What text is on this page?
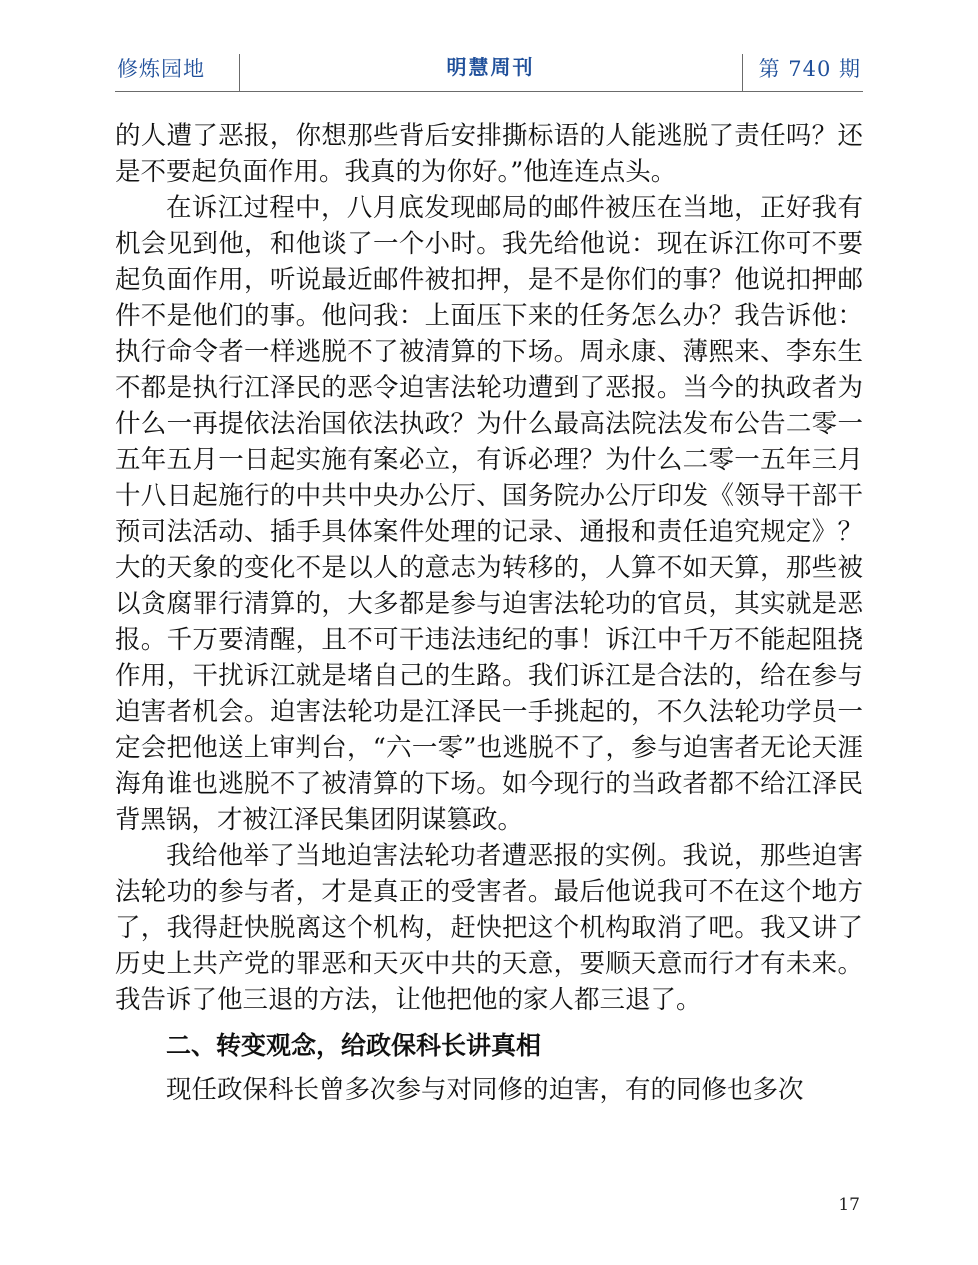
修炼园地	明慧周刊	第 740 期

的人遭了恶报，你想那些背后安排撕标语的人能逃脱了责任吗？还是不要起负面作用。我真的为你好。”他连连点头。

在诉江过程中，八月底发现邮局的邮件被压在当地，正好我有机会见到他，和他谈了一个小时。我先给他说：现在诉江你可不要起负面作用，听说最近邮件被扣押，是不是你们的事？他说扣押邮件不是他们的事。他问我：上面压下来的任务怎么办？我告诉他：执行命令者一样逃脱不了被清算的下场。周永康、薄熙来、李东生不都是执行江泽民的恶令迫害法轮功遭到了恶报。当今的执政者为什么一再提依法治国依法执政？为什么最高法院法发布公告二零一五年五月一日起实施有案必立，有诉必理？为什么二零一五年三月十八日起施行的中共中央办公厅、国务院办公厅印发《领导干部干预司法活动、插手具体案件处理的记录、通报和责任追究规定》？大的天象的变化不是以人的意志为转移的，人算不如天算，那些被以贪腐罪行清算的，大多都是参与迫害法轮功的官员，其实就是恶报。千万要清醒，且不可干违法违纪的事！诉江中千万不能起阻挠作用，干扰诉江就是堵自己的生路。我们诉江是合法的，给在参与迫害者机会。迫害法轮功是江泽民一手挑起的，不久法轮功学员一定会把他送上审判台，“六一零”也逃脱不了，参与迫害者无论天涯海角谁也逃脱不了被清算的下场。如今现行的当政者都不给江泽民背黑锅，才被江泽民集团阴谋篡政。

我给他举了当地迫害法轮功者遭恶报的实例。我说，那些迫害法轮功的参与者，才是真正的受害者。最后他说我可不在这个地方了，我得赶快脱离这个机构，赶快把这个机构取消了吧。我又讲了历史上共产党的罪恶和天灭中共的天意，要顺天意而行才有未来。我告诉了他三退的方法，让他把他的家人都三退了。

二、转变观念，给政保科长讲真相

现任政保科长曾多次参与对同修的迫害，有的同修也多次

17
